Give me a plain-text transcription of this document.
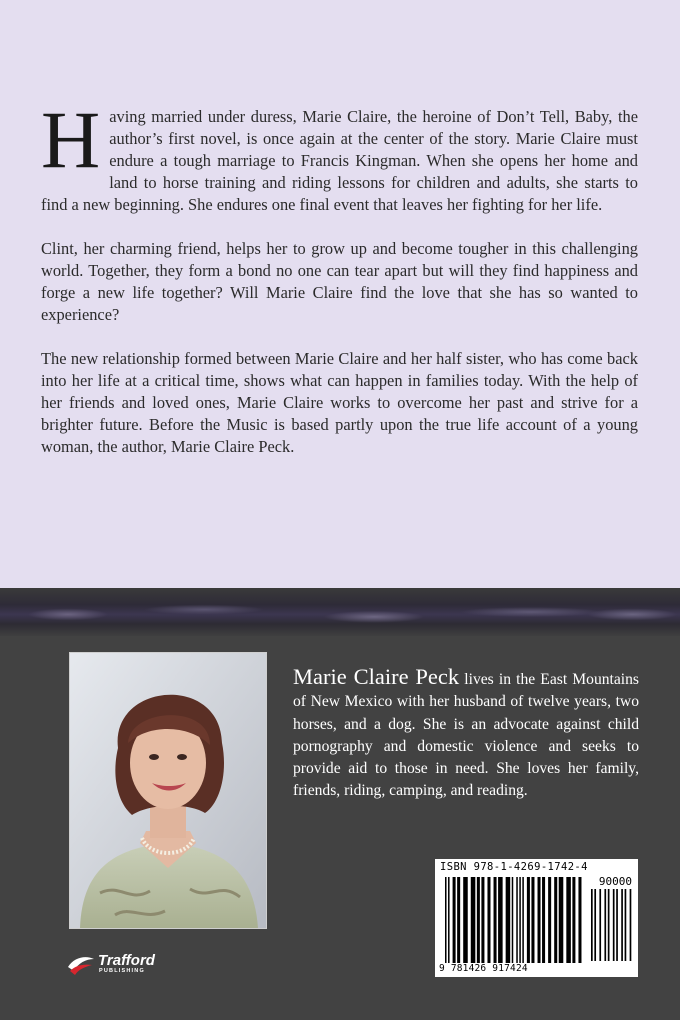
Having married under duress, Marie Claire, the heroine of Don’t Tell, Baby, the author’s first novel, is once again at the center of the story. Marie Claire must endure a tough marriage to Francis Kingman. When she opens her home and land to horse training and riding lessons for children and adults, she starts to find a new beginning. She endures one final event that leaves her fighting for her life.

Clint, her charming friend, helps her to grow up and become tougher in this challenging world. Together, they form a bond no one can tear apart but will they find happiness and forge a new life together? Will Marie Claire find the love that she has so wanted to experience?

The new relationship formed between Marie Claire and her half sister, who has come back into her life at a critical time, shows what can happen in families today. With the help of her friends and loved ones, Marie Claire works to overcome her past and strive for a brighter future. Before the Music is based partly upon the true life account of a young woman, the author, Marie Claire Peck.

Marie Claire Peck lives in the East Mountains of New Mexico with her husband of twelve years, two horses, and a dog. She is an advocate against child pornography and domestic violence and seeks to provide aid to those in need. She loves her family, friends, riding, camping, and reading.
ISBN 978-1-4269-1742-4
90000
9 781426 917424
Trafford
PUBLISHING
